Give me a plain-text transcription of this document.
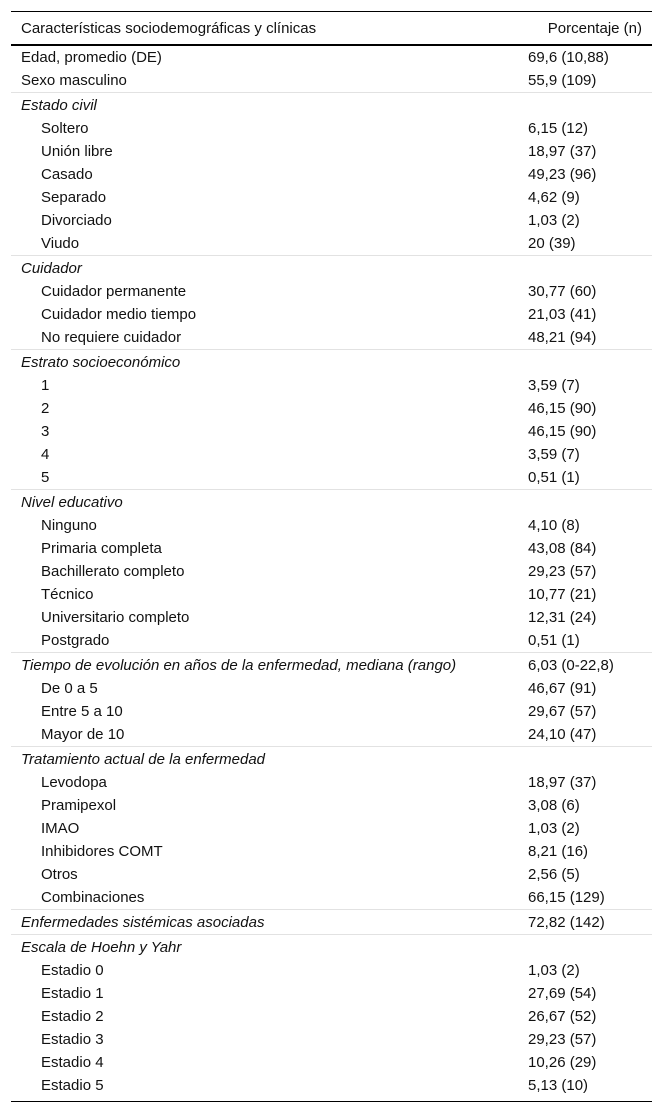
Características sociodemográficas y clínicas	Porcentaje (n)
Edad, promedio (DE)	69,6 (10,88)
Sexo masculino	55,9 (109)
Estado civil	
Soltero	6,15 (12)
Unión libre	18,97 (37)
Casado	49,23 (96)
Separado	4,62 (9)
Divorciado	1,03 (2)
Viudo	20 (39)
Cuidador	
Cuidador permanente	30,77 (60)
Cuidador medio tiempo	21,03 (41)
No requiere cuidador	48,21 (94)
Estrato socioeconómico	
1	3,59 (7)
2	46,15 (90)
3	46,15 (90)
4	3,59 (7)
5	0,51 (1)
Nivel educativo	
Ninguno	4,10 (8)
Primaria completa	43,08 (84)
Bachillerato completo	29,23 (57)
Técnico	10,77 (21)
Universitario completo	12,31 (24)
Postgrado	0,51 (1)
Tiempo de evolución en años de la enfermedad, mediana (rango)	6,03 (0-22,8)
De 0 a 5	46,67 (91)
Entre 5 a 10	29,67 (57)
Mayor de 10	24,10 (47)
Tratamiento actual de la enfermedad	
Levodopa	18,97 (37)
Pramipexol	3,08 (6)
IMAO	1,03 (2)
Inhibidores COMT	8,21 (16)
Otros	2,56 (5)
Combinaciones	66,15 (129)
Enfermedades sistémicas asociadas	72,82 (142)
Escala de Hoehn y Yahr	
Estadio 0	1,03 (2)
Estadio 1	27,69 (54)
Estadio 2	26,67 (52)
Estadio 3	29,23 (57)
Estadio 4	10,26 (29)
Estadio 5	5,13 (10)
